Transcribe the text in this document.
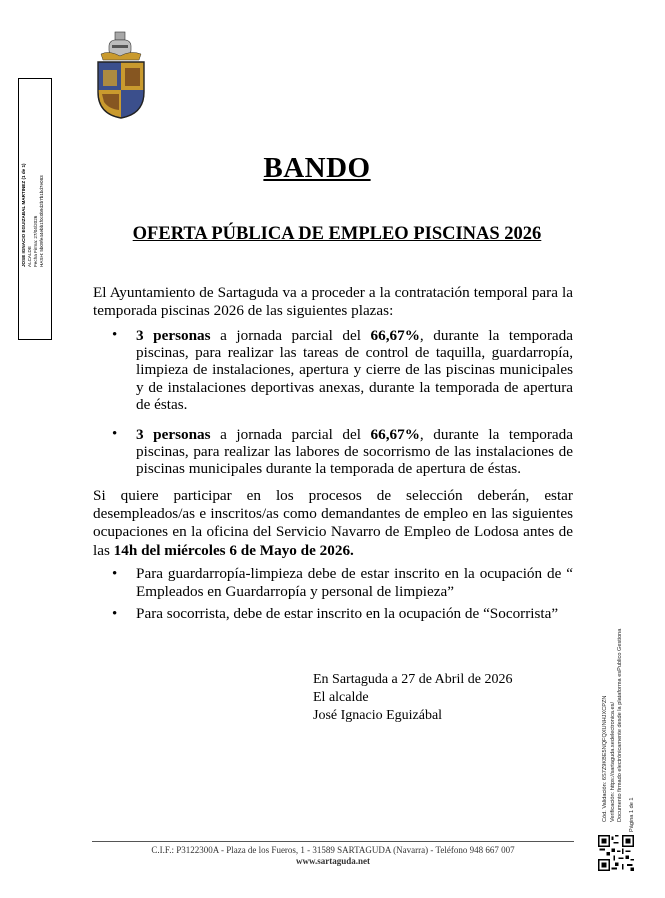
JOSE IGNACIO EGUIZABAL MARTINEZ (1 de 1) ALCALDE Fecha Firma: 27/04/2026 HASH: 5b09fe44ebb1f0c0b9d2b7b1bd7e083
BANDO
OFERTA PÚBLICA DE EMPLEO PISCINAS 2026
El Ayuntamiento de Sartaguda va a proceder a la contratación temporal para la temporada piscinas 2026 de las siguientes plazas:
• 3 personas a jornada parcial del 66,67%, durante la temporada piscinas, para realizar las tareas de control de taquilla, guardarropía, limpieza de instalaciones, apertura y cierre de las piscinas municipales y de instalaciones deportivas anexas, durante la temporada de apertura de éstas.
• 3 personas a jornada parcial del 66,67%, durante la temporada piscinas, para realizar las labores de socorrismo de las instalaciones de piscinas municipales durante la temporada de apertura de éstas.
Si quiere participar en los procesos de selección deberán, estar desempleados/as e inscritos/as como demandantes de empleo en las siguientes ocupaciones en la oficina del Servicio Navarro de Empleo de Lodosa antes de las 14h del miércoles 6 de Mayo de 2026.
• Para guardarropía-limpieza debe de estar inscrito en la ocupación de “ Empleados en Guardarropía y personal de limpieza”
• Para socorrista, debe de estar inscrito en la ocupación de “Socorrista”
En Sartaguda a 27 de Abril de 2026
El alcalde
José Ignacio Eguizábal
C.I.F.: P3122300A - Plaza de los Fueros, 1 - 31589 SARTAGUDA (Navarra) - Teléfono 948 667 007
www.sartaguda.net
Cód. Validación: 6S7Z9KBE5NQFQXUNHJXCPZN Verificación: https://sartaguda.sedelectronica.es/ Documento firmado electrónicamente desde la plataforma esPublico Gestiona Página 1 de 1
